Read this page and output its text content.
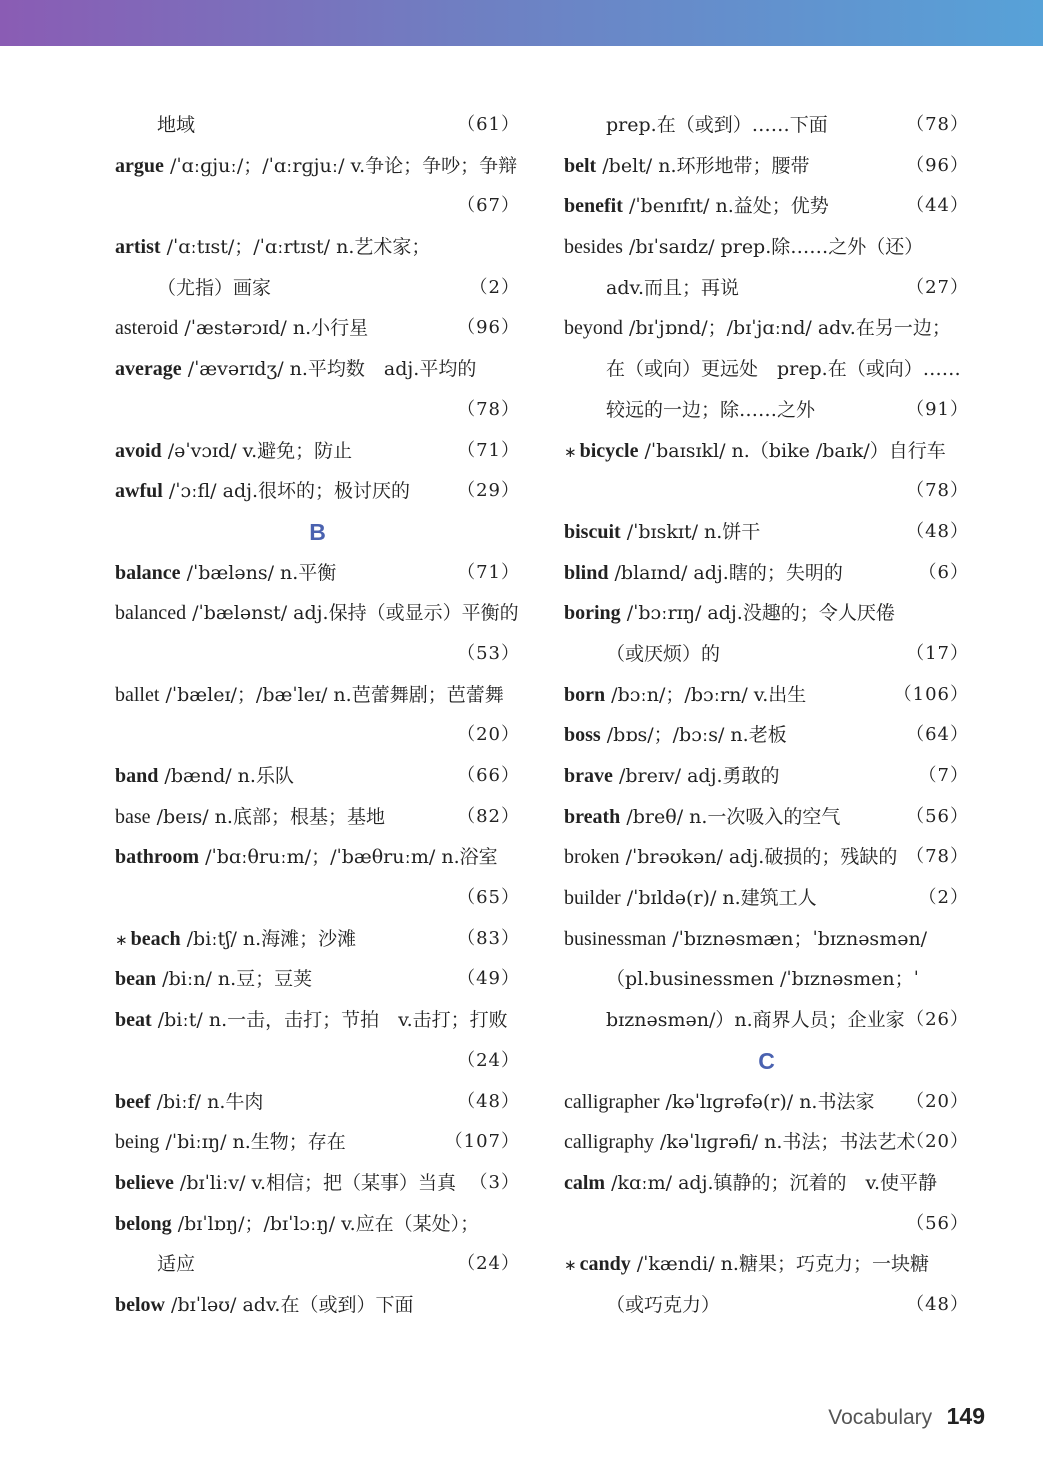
地域	（61）
argue /ˈɑːɡjuː/；/ˈɑːrɡjuː/ v.争论；争吵；争辩
（67）
artist /ˈɑːtɪst/；/ˈɑːrtɪst/ n.艺术家；
（尤指）画家	（2）
asteroid /ˈæstərɔɪd/ n.小行星	（96）
average /ˈævərɪdʒ/ n.平均数　adj.平均的
（78）
avoid /əˈvɔɪd/ v.避免；防止	（71）
awful /ˈɔːfl/ adj.很坏的；极讨厌的	（29）
B
balance /ˈbæləns/ n.平衡	（71）
balanced /ˈbælənst/ adj.保持（或显示）平衡的
（53）
ballet /ˈbæleɪ/；/bæˈleɪ/ n.芭蕾舞剧；芭蕾舞
（20）
band /bænd/ n.乐队	（66）
base /beɪs/ n.底部；根基；基地	（82）
bathroom /ˈbɑːθruːm/；/ˈbæθruːm/ n.浴室
（65）
∗ beach /biːtʃ/ n.海滩；沙滩	（83）
bean /biːn/ n.豆；豆荚	（49）
beat /biːt/ n.一击，击打；节拍　v.击打；打败
（24）
beef /biːf/ n.牛肉	（48）
being /ˈbiːɪŋ/ n.生物；存在	（107）
believe /bɪˈliːv/ v.相信；把（某事）当真 （3）
belong /bɪˈlɒŋ/；/bɪˈlɔːŋ/ v.应在（某处）；
适应	（24）
below /bɪˈləʊ/ adv.在（或到）下面
prep.在（或到）……下面	（78）
belt /belt/ n.环形地带；腰带	（96）
benefit /ˈbenɪfɪt/ n.益处；优势	（44）
besides /bɪˈsaɪdz/ prep.除……之外（还）
adv.而且；再说	（27）
beyond /bɪˈjɒnd/；/bɪˈjɑːnd/ adv.在另一边；
在（或向）更远处　prep.在（或向）……
较远的一边；除……之外	（91）
∗ bicycle /ˈbaɪsɪkl/ n.（bike /baɪk/）自行车
（78）
biscuit /ˈbɪskɪt/ n.饼干	（48）
blind /blaɪnd/ adj.瞎的；失明的	（6）
boring /ˈbɔːrɪŋ/ adj.没趣的；令人厌倦
（或厌烦）的	（17）
born /bɔːn/；/bɔːrn/ v.出生	（106）
boss /bɒs/；/bɔːs/ n.老板	（64）
brave /breɪv/ adj.勇敢的	（7）
breath /breθ/ n.一次吸入的空气	（56）
broken /ˈbrəʊkən/ adj.破损的；残缺的 （78）
builder /ˈbɪldə(r)/ n.建筑工人	（2）
businessman /ˈbɪznəsmæn；ˈbɪznəsmən/
（pl.businessmen /ˈbɪznəsmen；ˈ
bɪznəsmən/）n.商界人员；企业家 （26）
C
calligrapher /kəˈlɪɡrəfə(r)/ n.书法家 （20）
calligraphy /kəˈlɪɡrəfi/ n.书法；书法艺术
（20）
calm /kɑːm/ adj.镇静的；沉着的　v.使平静
（56）
∗ candy /ˈkændi/ n.糖果；巧克力；一块糖
（或巧克力）	（48）
Vocabulary 149
